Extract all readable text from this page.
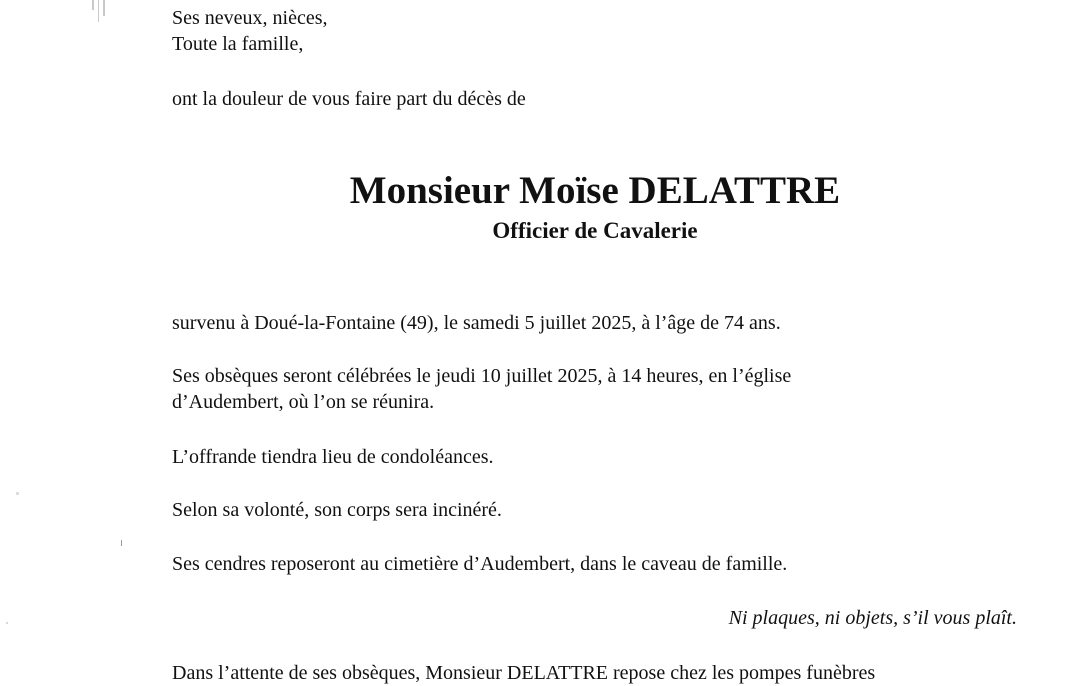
Ses neveux, nièces,
Toute la famille,
ont la douleur de vous faire part du décès de
Monsieur Moïse DELATTRE
Officier de Cavalerie
survenu à Doué-la-Fontaine (49), le samedi 5 juillet 2025, à l’âge de 74 ans.
Ses obsèques seront célébrées le jeudi 10 juillet 2025, à 14 heures, en l’église
d’Audembert, où l’on se réunira.
L’offrande tiendra lieu de condoléances.
Selon sa volonté, son corps sera incinéré.
Ses cendres reposeront au cimetière d’Audembert, dans le caveau de famille.
Ni plaques, ni objets, s’il vous plaît.
Dans l’attente de ses obsèques, Monsieur DELATTRE repose chez les pompes funèbres
